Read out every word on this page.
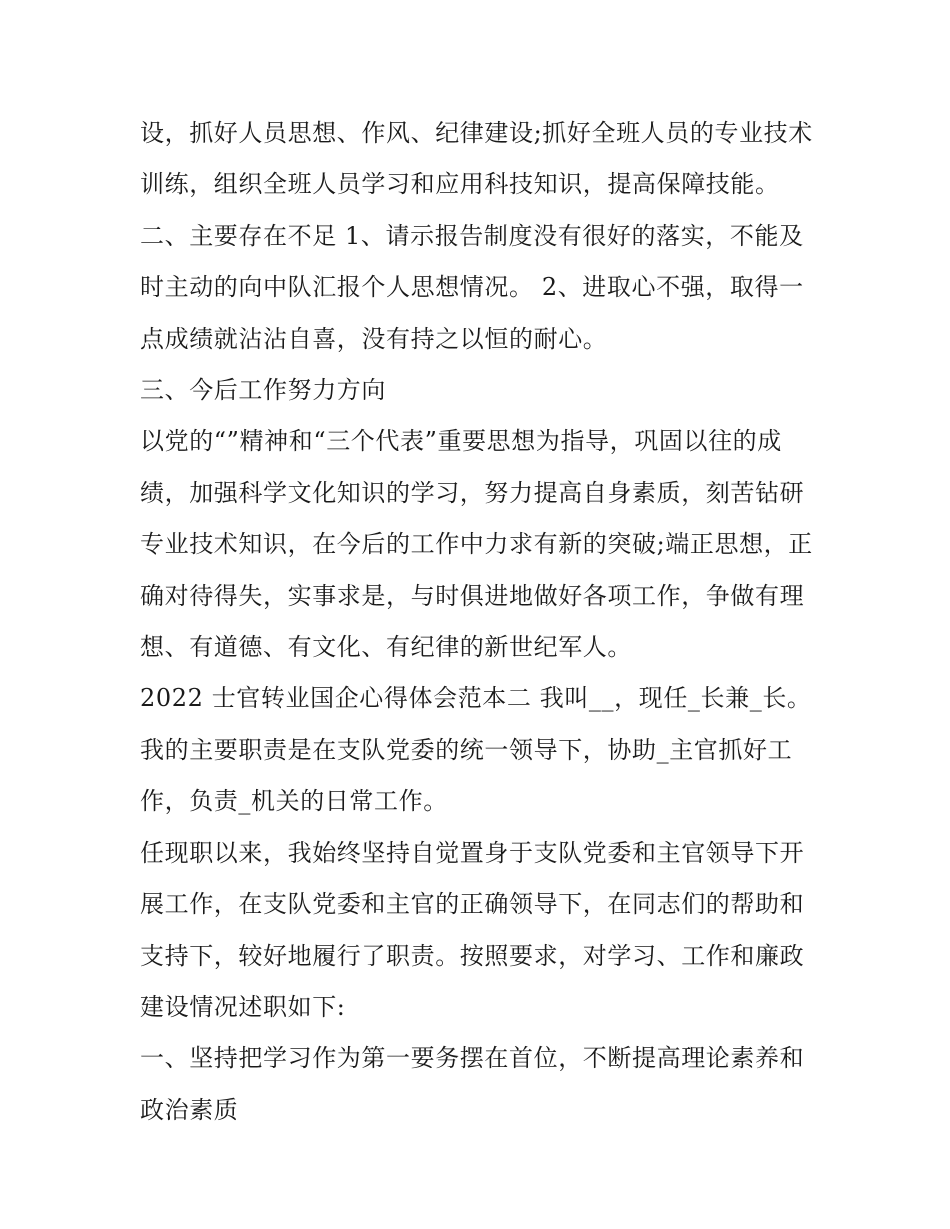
设，抓好人员思想、作风、纪律建设;抓好全班人员的专业技术训练，组织全班人员学习和应用科技知识，提高保障技能。

二、主要存在不足 1、请示报告制度没有很好的落实，不能及时主动的向中队汇报个人思想情况。 2、进取心不强，取得一点成绩就沾沾自喜，没有持之以恒的耐心。

三、今后工作努力方向

以党的“”精神和“三个代表”重要思想为指导，巩固以往的成绩，加强科学文化知识的学习，努力提高自身素质，刻苦钻研专业技术知识，在今后的工作中力求有新的突破;端正思想，正确对待得失，实事求是，与时俱进地做好各项工作，争做有理想、有道德、有文化、有纪律的新世纪军人。

2022 士官转业国企心得体会范本二 我叫__，现任_长兼_长。我的主要职责是在支队党委的统一领导下，协助_主官抓好工作，负责_机关的日常工作。

任现职以来，我始终坚持自觉置身于支队党委和主官领导下开展工作，在支队党委和主官的正确领导下，在同志们的帮助和支持下，较好地履行了职责。按照要求，对学习、工作和廉政建设情况述职如下:

一、坚持把学习作为第一要务摆在首位，不断提高理论素养和政治素质
